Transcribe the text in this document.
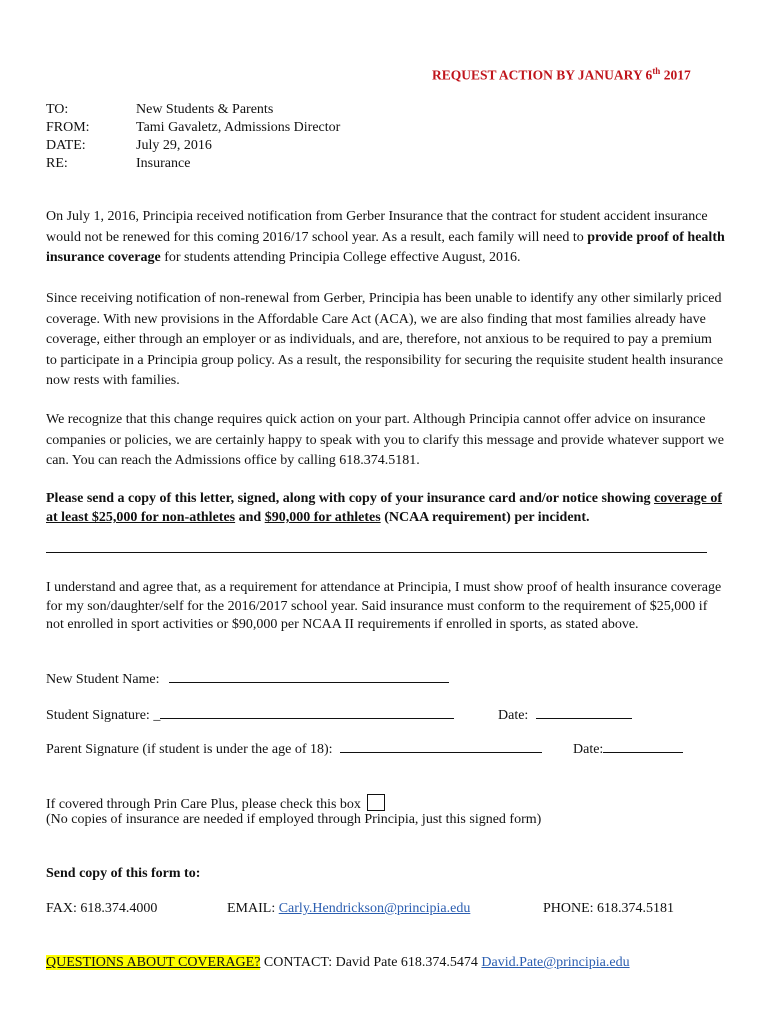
REQUEST ACTION BY JANUARY 6th 2017
TO:	New Students & Parents
FROM:	Tami Gavaletz, Admissions Director
DATE:	July 29, 2016
RE:	Insurance
On July 1, 2016, Principia received notification from Gerber Insurance that the contract for student accident insurance would not be renewed for this coming 2016/17 school year. As a result, each family will need to provide proof of health insurance coverage for students attending Principia College effective August, 2016.
Since receiving notification of non-renewal from Gerber, Principia has been unable to identify any other similarly priced coverage. With new provisions in the Affordable Care Act (ACA), we are also finding that most families already have coverage, either through an employer or as individuals, and are, therefore, not anxious to be required to pay a premium to participate in a Principia group policy. As a result, the responsibility for securing the requisite student health insurance now rests with families.
We recognize that this change requires quick action on your part. Although Principia cannot offer advice on insurance companies or policies, we are certainly happy to speak with you to clarify this message and provide whatever support we can. You can reach the Admissions office by calling 618.374.5181.
Please send a copy of this letter, signed, along with copy of your insurance card and/or notice showing coverage of at least $25,000 for non-athletes and $90,000 for athletes (NCAA requirement) per incident.
I understand and agree that, as a requirement for attendance at Principia, I must show proof of health insurance coverage for my son/daughter/self for the 2016/2017 school year. Said insurance must conform to the requirement of $25,000 if not enrolled in sport activities or $90,000 per NCAA II requirements if enrolled in sports, as stated above.
New Student Name:
Student Signature: _	Date:
Parent Signature (if student is under the age of 18):	Date:
If covered through Prin Care Plus, please check this box
(No copies of insurance are needed if employed through Principia, just this signed form)
Send copy of this form to:
FAX: 618.374.4000	EMAIL: Carly.Hendrickson@principia.edu	PHONE: 618.374.5181
QUESTIONS ABOUT COVERAGE? CONTACT: David Pate 618.374.5474 David.Pate@principia.edu
